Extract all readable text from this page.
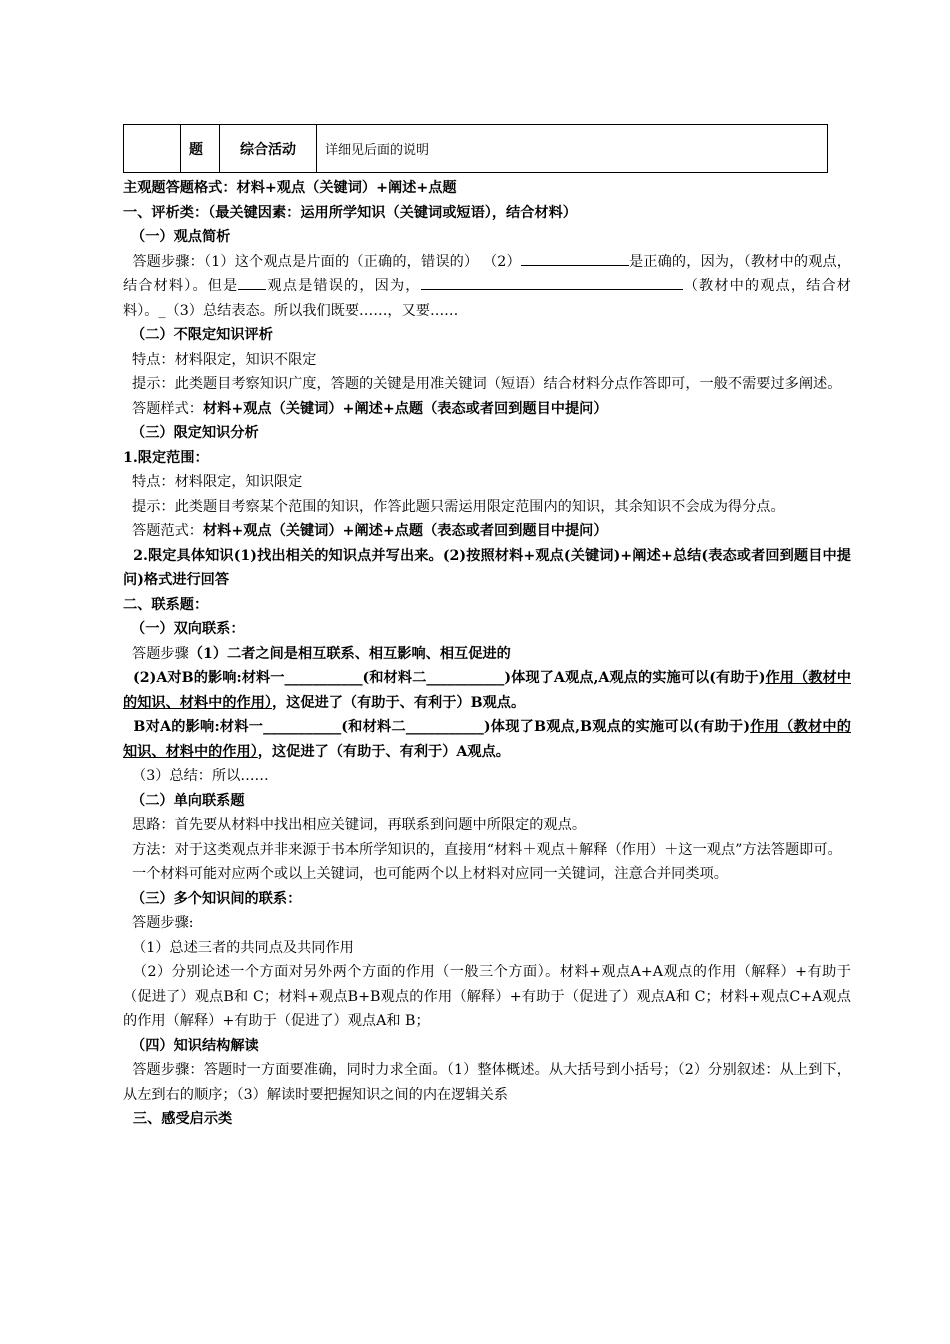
	题	综合活动	详细见后面的说明

主观题答题格式：材料+观点（关键词）+阐述+点题

一、评析类：（最关键因素：运用所学知识（关键词或短语），结合材料）

（一）观点简析

答题步骤：（1）这个观点是片面的（正确的，错误的） （2）	是正确的，因为，（教材中的观点，结合材料）。但是 观点是错误的，因为，	（教材中的观点，结合材料）。_（3）总结表态。所以我们既要……，又要……

（二）不限定知识评析

特点：材料限定，知识不限定

提示：此类题目考察知识广度，答题的关键是用准关键词（短语）结合材料分点作答即可，一般不需要过多阐述。

答题样式：材料+观点（关键词）+阐述+点题（表态或者回到题目中提问）

（三）限定知识分析

1.限定范围：

特点：材料限定，知识限定

提示：此类题目考察某个范围的知识，作答此题只需运用限定范围内的知识，其余知识不会成为得分点。

答题范式：材料+观点（关键词）+阐述+点题（表态或者回到题目中提问）

2.限定具体知识(1)找出相关的知识点并写出来。(2)按照材料+观点(关键词)+阐述+总结(表态或者回到题目中提问)格式进行回答

二、联系题：

（一）双向联系：

答题步骤（1）二者之间是相互联系、相互影响、相互促进的

(2)A对B的影响:材料一___________(和材料二___________)体现了A观点,A观点的实施可以(有助于)作用（教材中的知识、材料中的作用），这促进了（有助于、有利于）B观点。

B对A的影响:材料一___________(和材料二___________)体现了B观点,B观点的实施可以(有助于)作用（教材中的知识、材料中的作用），这促进了（有助于、有利于）A观点。

（3）总结：所以……

（二）单向联系题

思路：首先要从材料中找出相应关键词，再联系到问题中所限定的观点。

方法：对于这类观点并非来源于书本所学知识的，直接用“材料＋观点＋解释（作用）＋这一观点”方法答题即可。

一个材料可能对应两个或以上关键词，也可能两个以上材料对应同一关键词，注意合并同类项。

（三）多个知识间的联系：

答题步骤:

（1）总述三者的共同点及共同作用

（2）分别论述一个方面对另外两个方面的作用（一般三个方面）。材料+观点A+A观点的作用（解释）+有助于（促进了）观点B和 C；材料+观点B+B观点的作用（解释）+有助于（促进了）观点A和 C；材料+观点C+A观点的作用（解释）+有助于（促进了）观点A和 B；

（四）知识结构解读

答题步骤：答题时一方面要准确，同时力求全面。（1）整体概述。从大括号到小括号；（2）分别叙述：从上到下，从左到右的顺序；（3）解读时要把握知识之间的内在逻辑关系

三、感受启示类
